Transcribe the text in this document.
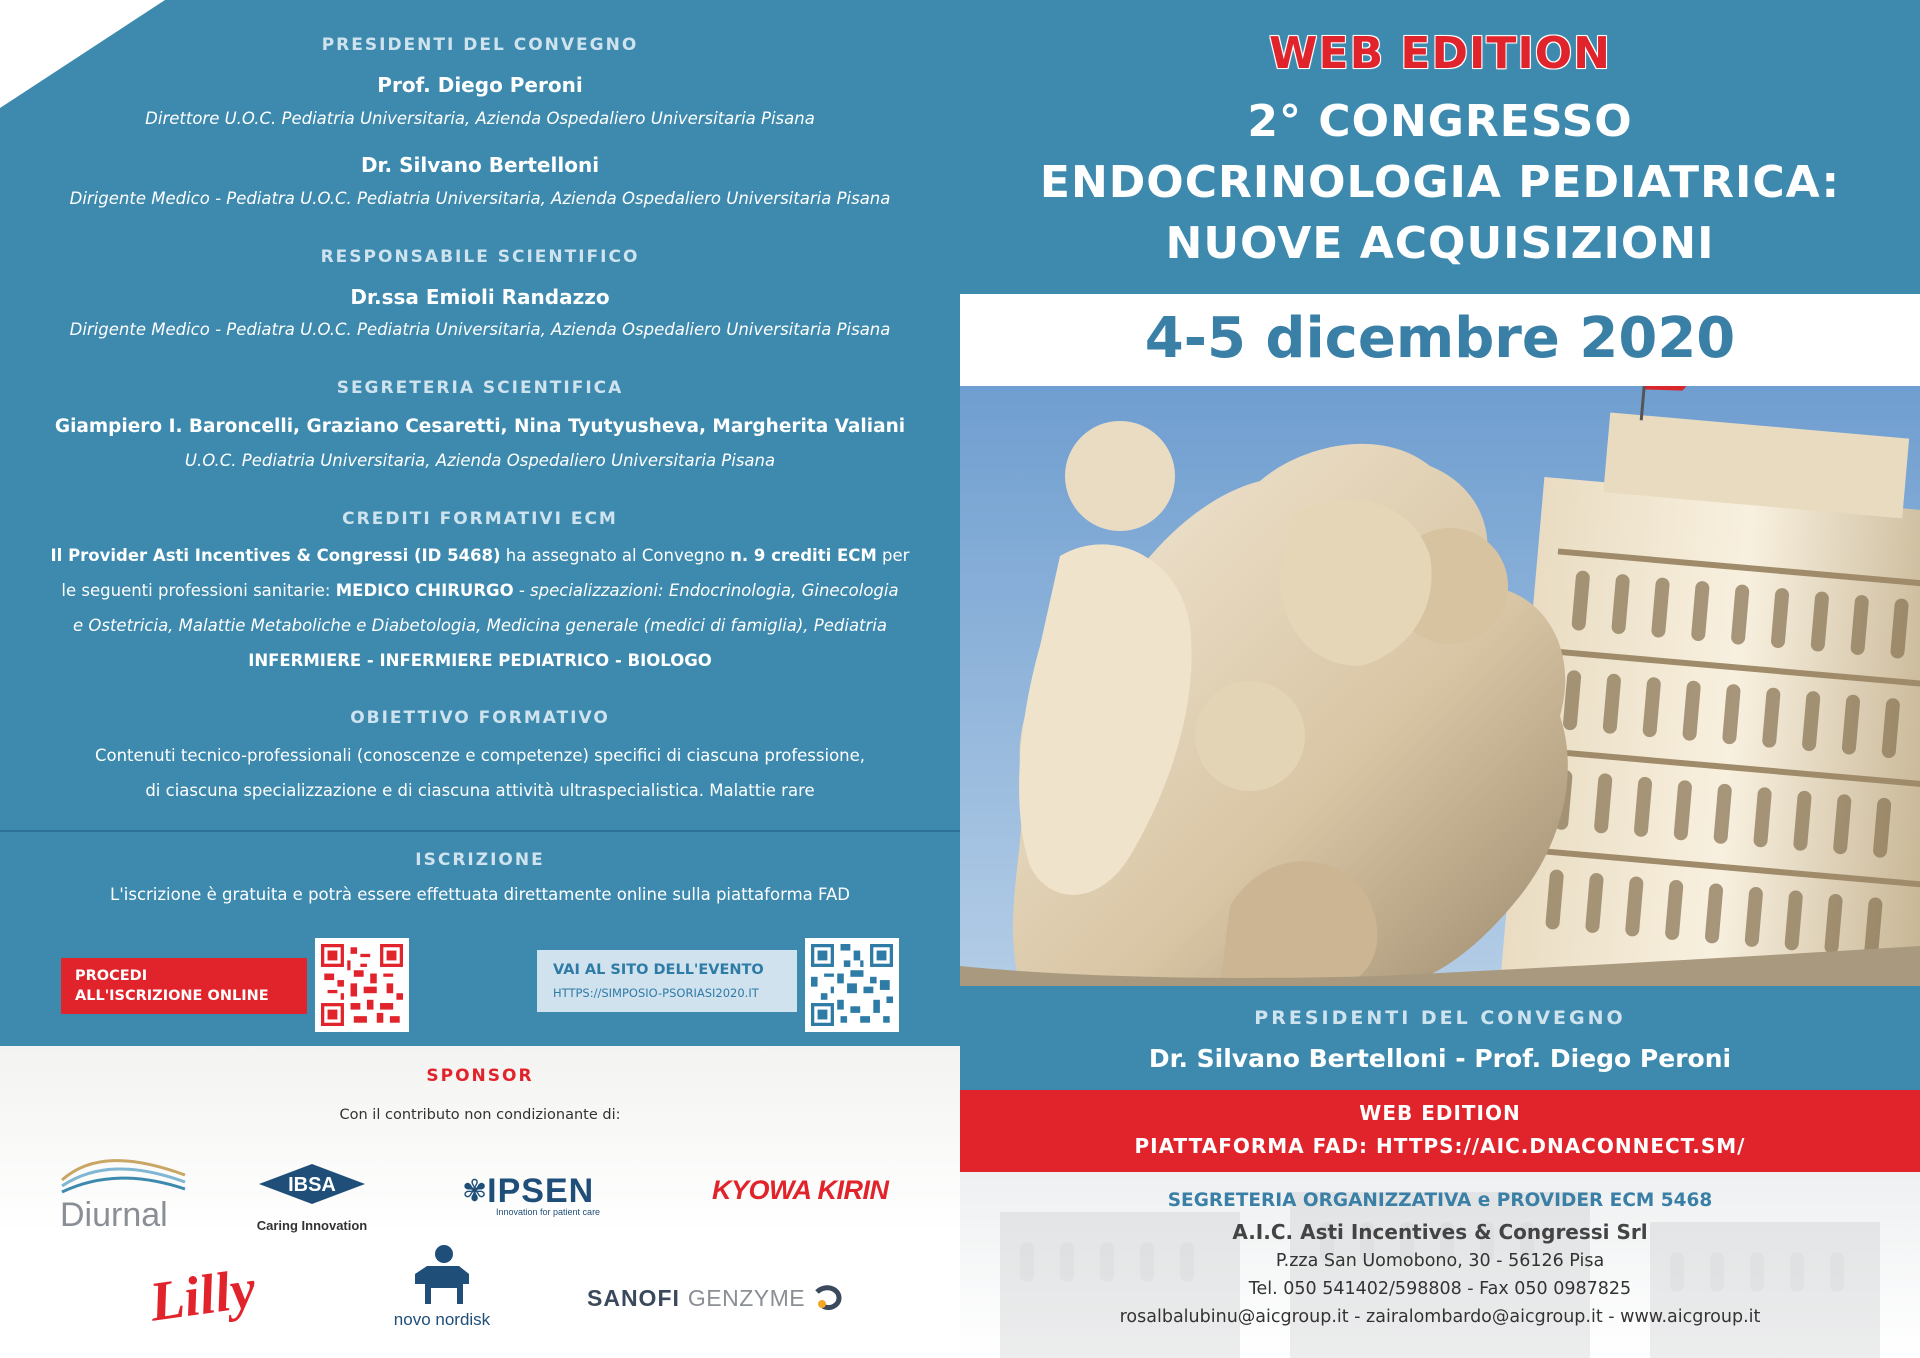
PRESIDENTI DEL CONVEGNO
Prof. Diego Peroni
Direttore U.O.C. Pediatria Universitaria, Azienda Ospedaliero Universitaria Pisana
Dr. Silvano Bertelloni
Dirigente Medico - Pediatra U.O.C. Pediatria Universitaria, Azienda Ospedaliero Universitaria Pisana
RESPONSABILE SCIENTIFICO
Dr.ssa Emioli Randazzo
Dirigente Medico - Pediatra U.O.C. Pediatria Universitaria, Azienda Ospedaliero Universitaria Pisana
SEGRETERIA SCIENTIFICA
Giampiero I. Baroncelli, Graziano Cesaretti, Nina Tyutyusheva, Margherita Valiani
U.O.C. Pediatria Universitaria, Azienda Ospedaliero Universitaria Pisana
CREDITI FORMATIVI ECM
Il Provider Asti Incentives & Congressi (ID 5468) ha assegnato al Convegno n. 9 crediti ECM per
le seguenti professioni sanitarie: MEDICO CHIRURGO - specializzazioni: Endocrinologia, Ginecologia
e Ostetricia, Malattie Metaboliche e Diabetologia, Medicina generale (medici di famiglia), Pediatria
INFERMIERE - INFERMIERE PEDIATRICO - BIOLOGO
OBIETTIVO FORMATIVO
Contenuti tecnico-professionali (conoscenze e competenze) specifici di ciascuna professione,
di ciascuna specializzazione e di ciascuna attività ultraspecialistica. Malattie rare
ISCRIZIONE
L'iscrizione è gratuita e potrà essere effettuata direttamente online sulla piattaforma FAD
PROCEDI
ALL'ISCRIZIONE ONLINE
VAI AL SITO DELL'EVENTO
HTTPS://SIMPOSIO-PSORIASI2020.IT
SPONSOR
Con il contributo non condizionante di:
Diurnal
IBSA
Caring Innovation
✾ IPSEN
Innovation for patient care
KYOWA KIRIN
Lilly	novo nordisk
SANOFI GENZYME
WEB EDITION
2° CONGRESSO
ENDOCRINOLOGIA PEDIATRICA:
NUOVE ACQUISIZIONI
4-5 dicembre 2020
PRESIDENTI DEL CONVEGNO
Dr. Silvano Bertelloni - Prof. Diego Peroni
WEB EDITION
PIATTAFORMA FAD: HTTPS://AIC.DNACONNECT.SM/
SEGRETERIA ORGANIZZATIVA e PROVIDER ECM 5468
A.I.C. Asti Incentives & Congressi Srl
P.zza San Uomobono, 30 - 56126 Pisa
Tel. 050 541402/598808 - Fax 050 0987825
rosalbalubinu@aicgroup.it - zairalombardo@aicgroup.it - www.aicgroup.it
